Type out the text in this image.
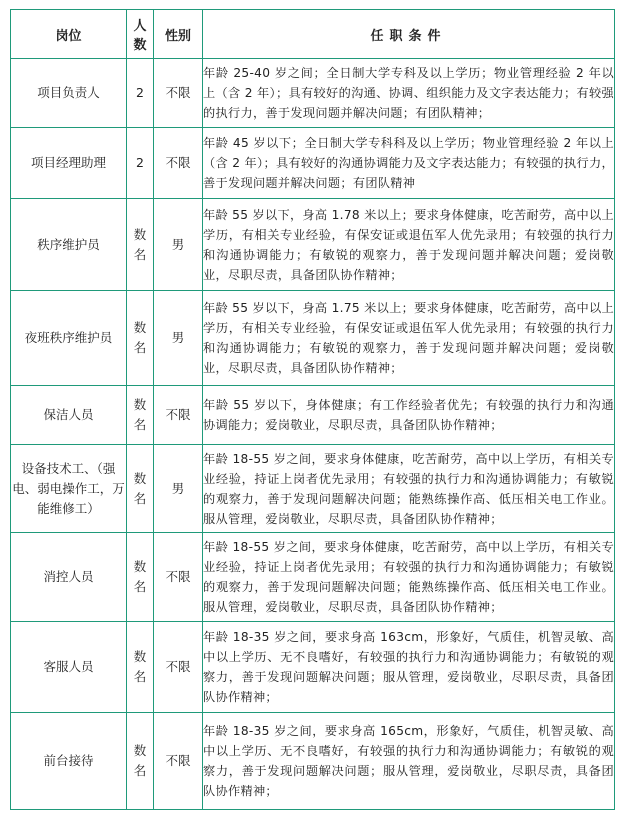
岗位	人数	性别	任职条件
项目负责人	2	不限	年龄 25-40 岁之间；全日制大学专科及以上学历；物业管理经验 2 年以上（含 2 年）；具有较好的沟通、协调、组织能力及文字表达能力；有较强的执行力，善于发现问题并解决问题；有团队精神；
项目经理助理	2	不限	年龄 45 岁以下；全日制大学专科科及以上学历；物业管理经验 2 年以上（含 2 年）；具有较好的沟通协调能力及文字表达能力；有较强的执行力，善于发现问题并解决问题；有团队精神
秩序维护员	数名	男	年龄 55 岁以下，身高 1.78 米以上；要求身体健康，吃苦耐劳，高中以上学历，有相关专业经验，有保安证或退伍军人优先录用；有较强的执行力和沟通协调能力；有敏锐的观察力，善于发现问题并解决问题；爱岗敬业，尽职尽责，具备团队协作精神；
夜班秩序维护员	数名	男	年龄 55 岁以下，身高 1.75 米以上；要求身体健康，吃苦耐劳，高中以上学历，有相关专业经验，有保安证或退伍军人优先录用；有较强的执行力和沟通协调能力；有敏锐的观察力，善于发现问题并解决问题；爱岗敬业，尽职尽责，具备团队协作精神；
保洁人员	数名	不限	年龄 55 岁以下，身体健康；有工作经验者优先；有较强的执行力和沟通协调能力；爱岗敬业，尽职尽责，具备团队协作精神；
设备技术工、（强电、弱电操作工，万能维修工）	数名	男	年龄 18-55 岁之间，要求身体健康，吃苦耐劳，高中以上学历，有相关专业经验，持证上岗者优先录用；有较强的执行力和沟通协调能力；有敏锐的观察力，善于发现问题解决问题；能熟练操作高、低压相关电工作业。服从管理，爱岗敬业，尽职尽责，具备团队协作精神；
消控人员	数名	不限	年龄 18-55 岁之间，要求身体健康，吃苦耐劳，高中以上学历，有相关专业经验，持证上岗者优先录用；有较强的执行力和沟通协调能力；有敏锐的观察力，善于发现问题解决问题；能熟练操作高、低压相关电工作业。服从管理，爱岗敬业，尽职尽责，具备团队协作精神；
客服人员	数名	不限	年龄 18-35 岁之间，要求身高 163cm，形象好，气质佳，机智灵敏、高中以上学历、无不良嗜好，有较强的执行力和沟通协调能力；有敏锐的观察力，善于发现问题解决问题；服从管理，爱岗敬业，尽职尽责，具备团队协作精神；
前台接待	数名	不限	年龄 18-35 岁之间，要求身高 165cm，形象好，气质佳，机智灵敏、高中以上学历、无不良嗜好，有较强的执行力和沟通协调能力；有敏锐的观察力，善于发现问题解决问题；服从管理，爱岗敬业，尽职尽责，具备团队协作精神；
